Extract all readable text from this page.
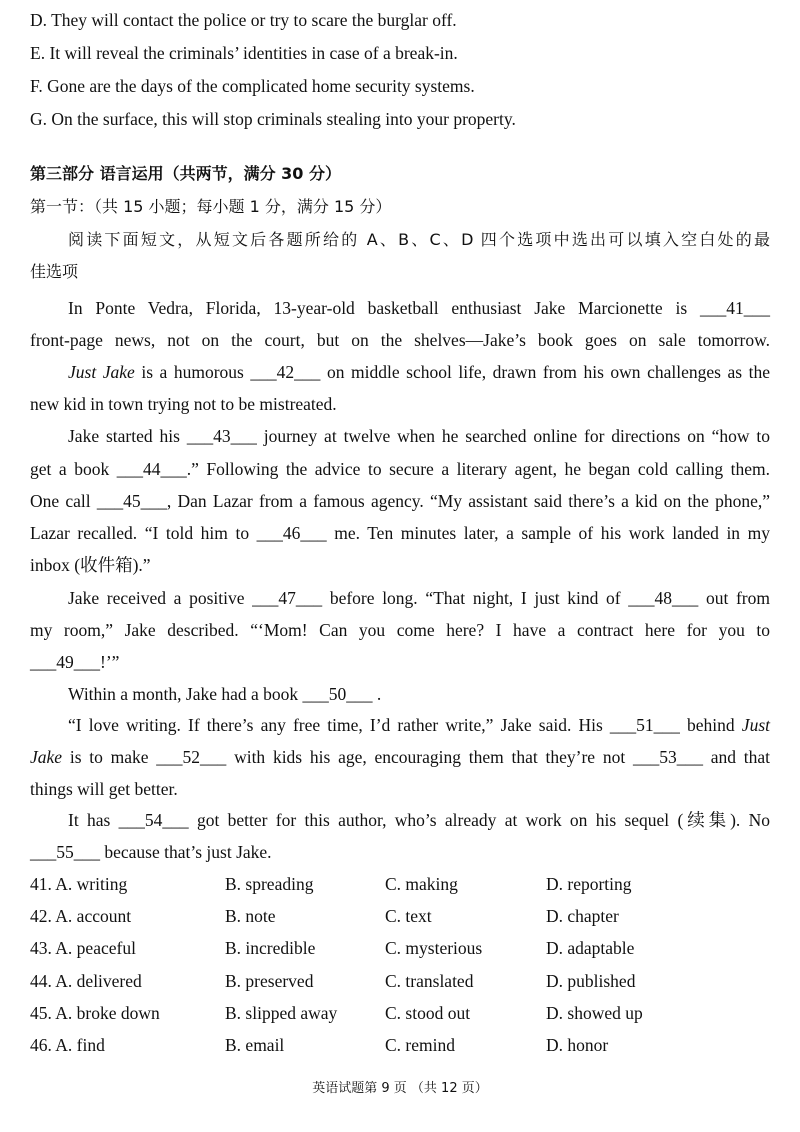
D. They will contact the police or try to scare the burglar off.
E. It will reveal the criminals’ identities in case of a break-in.
F. Gone are the days of the complicated home security systems.
G. On the surface, this will stop criminals stealing into your property.
第三部分 语言运用（共两节，满分 30 分）
第一节：（共 15 小题；每小题 1 分，满分 15 分）
阅读下面短文，从短文后各题所给的 A、B、C、D 四个选项中选出可以填入空白处的最
佳选项
In Ponte Vedra, Florida, 13-year-old basketball enthusiast Jake Marcionette is ___41___
front-page news, not on the court, but on the shelves—Jake’s book goes on sale tomorrow.
Just Jake is a humorous ___42___ on middle school life, drawn from his own challenges as the
new kid in town trying not to be mistreated.
Jake started his ___43___ journey at twelve when he searched online for directions on “how to
get a book ___44___.” Following the advice to secure a literary agent, he began cold calling them.
One call ___45___, Dan Lazar from a famous agency. “My assistant said there’s a kid on the phone,”
Lazar recalled. “I told him to ___46___ me. Ten minutes later, a sample of his work landed in my
inbox (收件箱).”
Jake received a positive ___47___ before long. “That night, I just kind of ___48___ out from
my room,” Jake described. “‘Mom! Can you come here? I have a contract here for you to
___49___!’”
Within a month, Jake had a book ___50___ .
“I love writing. If there’s any free time, I’d rather write,” Jake said. His ___51___ behind Just
Jake is to make ___52___ with kids his age, encouraging them that they’re not ___53___ and that
things will get better.
It has ___54___ got better for this author, who’s already at work on his sequel (续集). No
___55___ because that’s just Jake.
41. A. writing	B. spreading	C. making	D. reporting
42. A. account	B. note	C. text	D. chapter
43. A. peaceful	B. incredible	C. mysterious	D. adaptable
44. A. delivered	B. preserved	C. translated	D. published
45. A. broke down	B. slipped away	C. stood out	D. showed up
46. A. find	B. email	C. remind	D. honor
英语试题第 9 页 （共 12 页）
